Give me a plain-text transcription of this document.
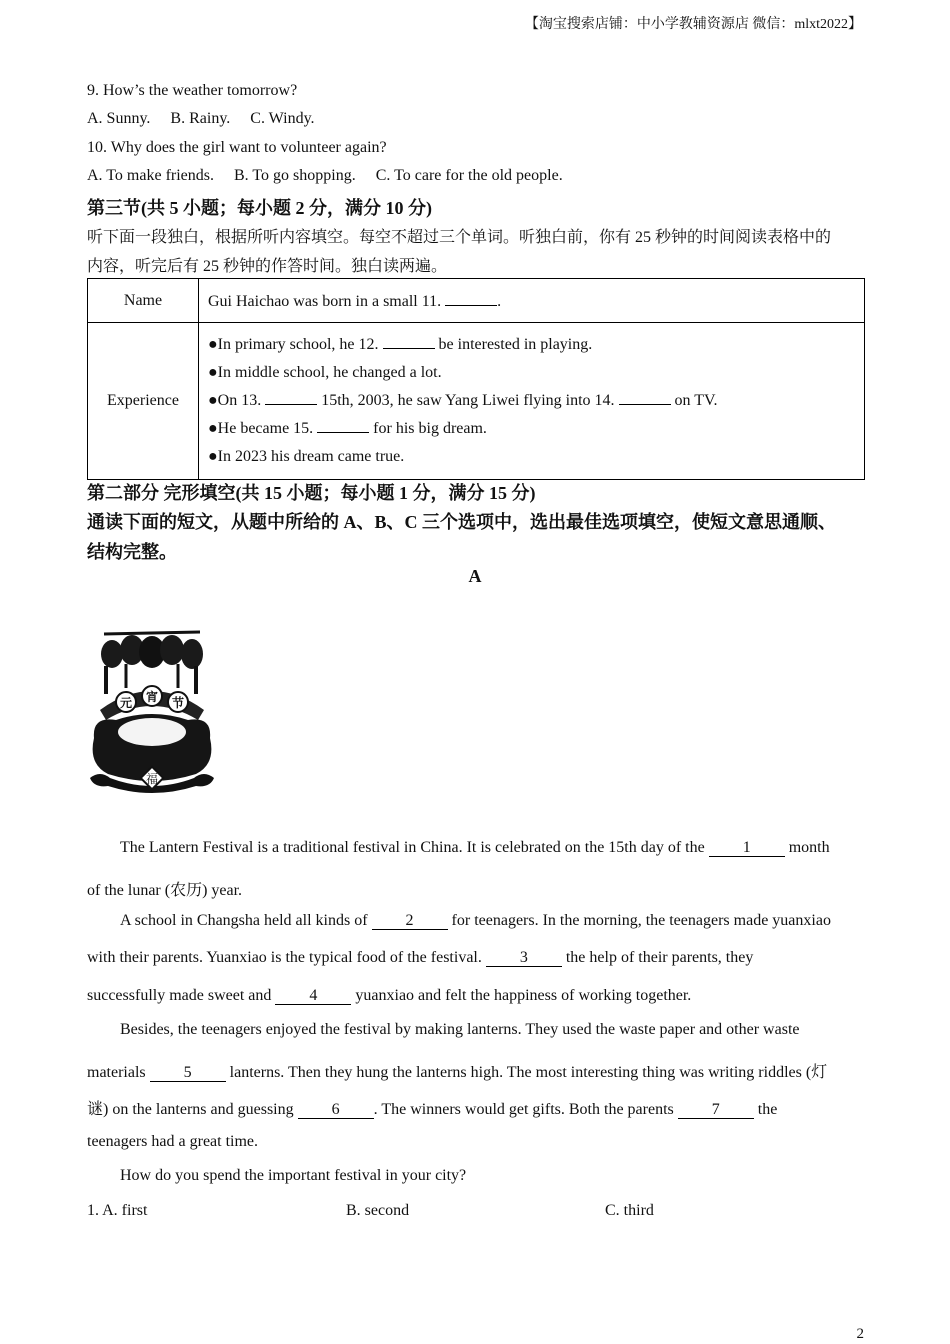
【淘宝搜索店铺：中小学教辅资源店 微信：mlxt2022】
9. How’s the weather tomorrow?
A. Sunny. B. Rainy. C. Windy.
10. Why does the girl want to volunteer again?
A. To make friends. B. To go shopping. C. To care for the old people.
第三节(共 5 小题；每小题 2 分，满分 10 分)
听下面一段独白，根据所听内容填空。每空不超过三个单词。听独白前，你有 25 秒钟的时间阅读表格中的
内容，听完后有 25 秒钟的作答时间。独白读两遍。
Name	Gui Haichao was born in a small 11. .
Experience	●In primary school, he 12. be interested in playing.
●In middle school, he changed a lot.
●On 13. 15th, 2003, he saw Yang Liwei flying into 14. on TV.
●He became 15. for his big dream.
●In 2023 his dream came true.
第二部分 完形填空(共 15 小题；每小题 1 分，满分 15 分)
通读下面的短文，从题中所给的 A、B、C 三个选项中，选出最佳选项填空，使短文意思通顺、
结构完整。
A
元 宵 节
福
The Lantern Festival is a traditional festival in China. It is celebrated on the 15th day of the 1 month
of the lunar (农历) year.
A school in Changsha held all kinds of 2 for teenagers. In the morning, the teenagers made yuanxiao
with their parents. Yuanxiao is the typical food of the festival. 3 the help of their parents, they
successfully made sweet and 4 yuanxiao and felt the happiness of working together.
Besides, the teenagers enjoyed the festival by making lanterns. They used the waste paper and other waste
materials 5 lanterns. Then they hung the lanterns high. The most interesting thing was writing riddles (灯
谜) on the lanterns and guessing 6 . The winners would get gifts. Both the parents 7 the
teenagers had a great time.
How do you spend the important festival in your city?
1. A. first	B. second	C. third
2
